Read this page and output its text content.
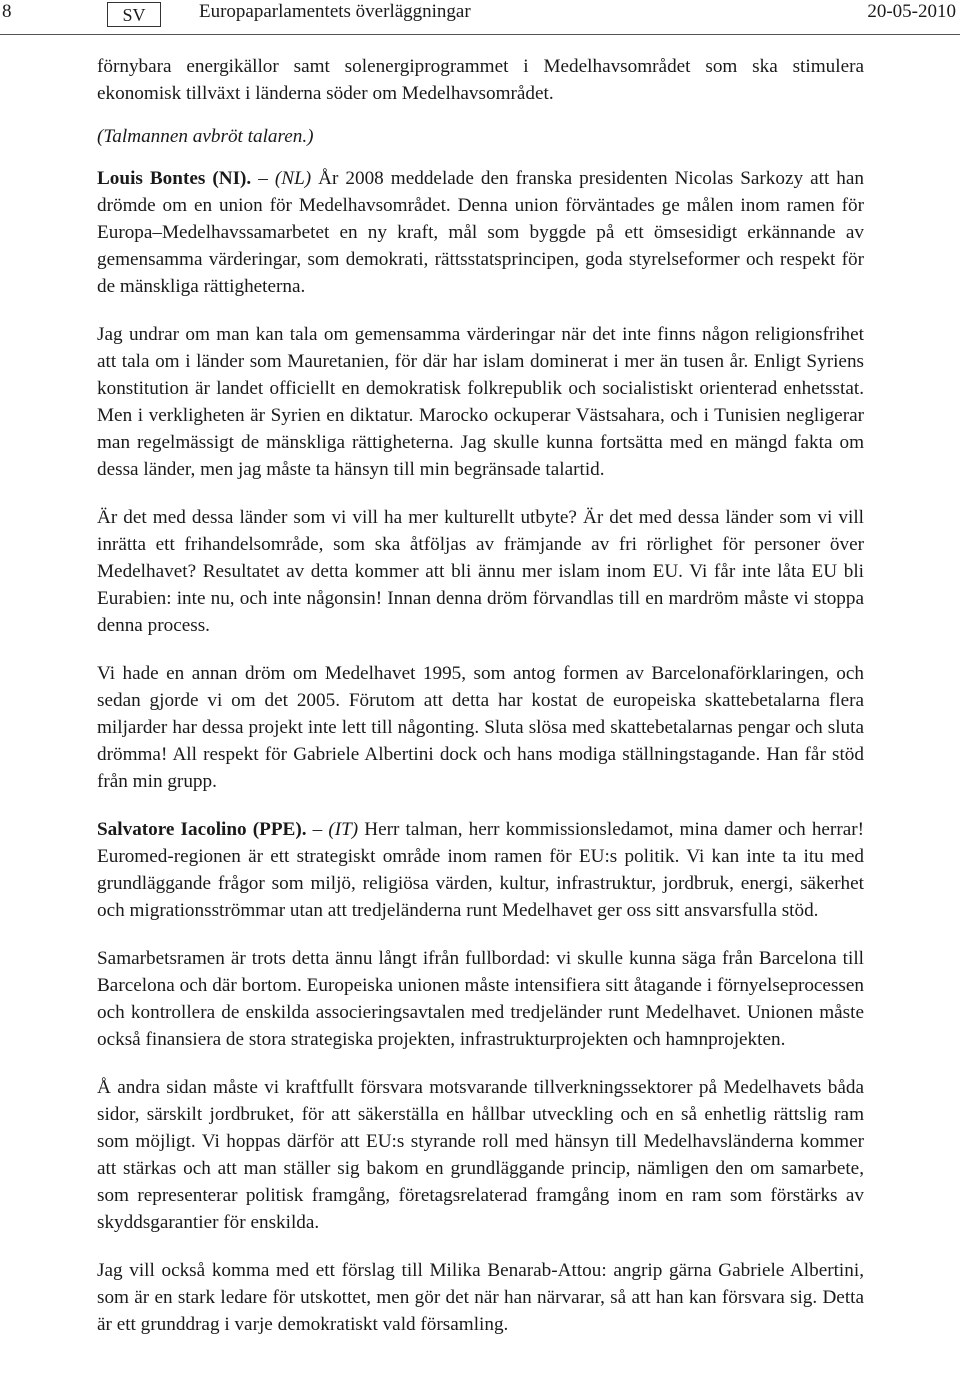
8	SV	Europaparlamentets överläggningar	20-05-2010

förnybara energikällor samt solenergiprogrammet i Medelhavsområdet som ska stimulera ekonomisk tillväxt i länderna söder om Medelhavsområdet.

(Talmannen avbröt talaren.)

Louis Bontes (NI). – (NL) År 2008 meddelade den franska presidenten Nicolas Sarkozy att han drömde om en union för Medelhavsområdet. Denna union förväntades ge målen inom ramen för Europa–Medelhavssamarbetet en ny kraft, mål som byggde på ett ömsesidigt erkännande av gemensamma värderingar, som demokrati, rättsstatsprincipen, goda styrelseformer och respekt för de mänskliga rättigheterna.

Jag undrar om man kan tala om gemensamma värderingar när det inte finns någon religionsfrihet att tala om i länder som Mauretanien, för där har islam dominerat i mer än tusen år. Enligt Syriens konstitution är landet officiellt en demokratisk folkrepublik och socialistiskt orienterad enhetsstat. Men i verkligheten är Syrien en diktatur. Marocko ockuperar Västsahara, och i Tunisien negligerar man regelmässigt de mänskliga rättigheterna. Jag skulle kunna fortsätta med en mängd fakta om dessa länder, men jag måste ta hänsyn till min begränsade talartid.

Är det med dessa länder som vi vill ha mer kulturellt utbyte? Är det med dessa länder som vi vill inrätta ett frihandelsområde, som ska åtföljas av främjande av fri rörlighet för personer över Medelhavet? Resultatet av detta kommer att bli ännu mer islam inom EU. Vi får inte låta EU bli Eurabien: inte nu, och inte någonsin! Innan denna dröm förvandlas till en mardröm måste vi stoppa denna process.

Vi hade en annan dröm om Medelhavet 1995, som antog formen av Barcelonaförklaringen, och sedan gjorde vi om det 2005. Förutom att detta har kostat de europeiska skattebetalarna flera miljarder har dessa projekt inte lett till någonting. Sluta slösa med skattebetalarnas pengar och sluta drömma! All respekt för Gabriele Albertini dock och hans modiga ställningstagande. Han får stöd från min grupp.

Salvatore Iacolino (PPE). – (IT) Herr talman, herr kommissionsledamot, mina damer och herrar! Euromed-regionen är ett strategiskt område inom ramen för EU:s politik. Vi kan inte ta itu med grundläggande frågor som miljö, religiösa värden, kultur, infrastruktur, jordbruk, energi, säkerhet och migrationsströmmar utan att tredjeländerna runt Medelhavet ger oss sitt ansvarsfulla stöd.

Samarbetsramen är trots detta ännu långt ifrån fullbordad: vi skulle kunna säga från Barcelona till Barcelona och där bortom. Europeiska unionen måste intensifiera sitt åtagande i förnyelseprocessen och kontrollera de enskilda associeringsavtalen med tredjeländer runt Medelhavet. Unionen måste också finansiera de stora strategiska projekten, infrastrukturprojekten och hamnprojekten.

Å andra sidan måste vi kraftfullt försvara motsvarande tillverkningssektorer på Medelhavets båda sidor, särskilt jordbruket, för att säkerställa en hållbar utveckling och en så enhetlig rättslig ram som möjligt. Vi hoppas därför att EU:s styrande roll med hänsyn till Medelhavsländerna kommer att stärkas och att man ställer sig bakom en grundläggande princip, nämligen den om samarbete, som representerar politisk framgång, företagsrelaterad framgång inom en ram som förstärks av skyddsgarantier för enskilda.

Jag vill också komma med ett förslag till Milika Benarab-Attou: angrip gärna Gabriele Albertini, som är en stark ledare för utskottet, men gör det när han närvarar, så att han kan försvara sig. Detta är ett grunddrag i varje demokratiskt vald församling.
